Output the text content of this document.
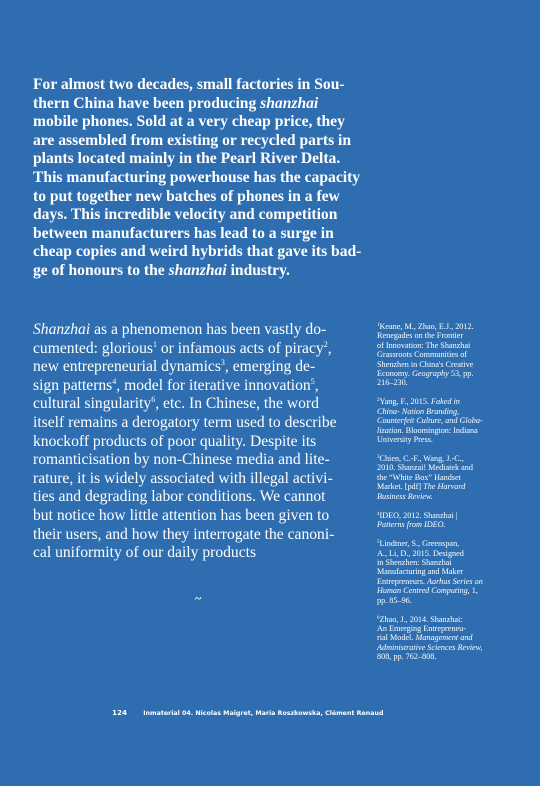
For almost two decades, small factories in Sou-
thern China have been producing shanzhai
mobile phones. Sold at a very cheap price, they
are assembled from existing or recycled parts in
plants located mainly in the Pearl River Delta.
This manufacturing powerhouse has the capacity
to put together new batches of phones in a few
days. This incredible velocity and competition
between manufacturers has lead to a surge in
cheap copies and weird hybrids that gave its bad-
ge of honours to the shanzhai industry.
Shanzhai as a phenomenon has been vastly do-
cumented: glorious$^1$ or infamous acts of piracy$^2$,
new entrepreneurial dynamics$^3$, emerging de-
sign patterns$^4$, model for iterative innovation$^5$,
cultural singularity$^6$, etc. In Chinese, the word
itself remains a derogatory term used to describe
knockoff products of poor quality. Despite its
romanticisation by non-Chinese media and lite-
rature, it is widely associated with illegal activi-
ties and degrading labor conditions. We cannot
but notice how little attention has been given to
their users, and how they interrogate the canoni-
cal uniformity of our daily products
~
$^1$Keane, M., Zhao, E.J., 2012.
Renegades on the Frontier
of Innovation: The Shanzhai
Grassroots Communities of
Shenzhen in China's Creative
Economy. Geography 53, pp.
216–230.
$^2$Yang, F., 2015. Faked in
China- Nation Branding,
Counterfeit Culture, and Globa-
lization. Bloomington: Indiana
University Press.
$^3$Chien, C.-F., Wang, J.-C.,
2010. Shanzai! Mediatek and
the “White Box” Handset
Market. [pdf] The Harvard
Business Review.
$^4$IDEO, 2012. Shanzhai |
Patterns from IDEO.
$^5$Lindtner, S., Greenspan,
A., Li, D., 2015. Designed
in Shenzhen: Shanzhai
Manufacturing and Maker
Entrepreneurs. Aarhus Series on
Human Centred Computing, 1,
pp. 85–96.
$^6$Zhao, J., 2014. Shanzhai:
An Emerging Entrepreneu-
rial Model. Management and
Administrative Sciences Review,
808, pp. 762–808.
124	Inmaterial 04. Nicolas Maigret, Maria Roszkowska, Clément Renaud
